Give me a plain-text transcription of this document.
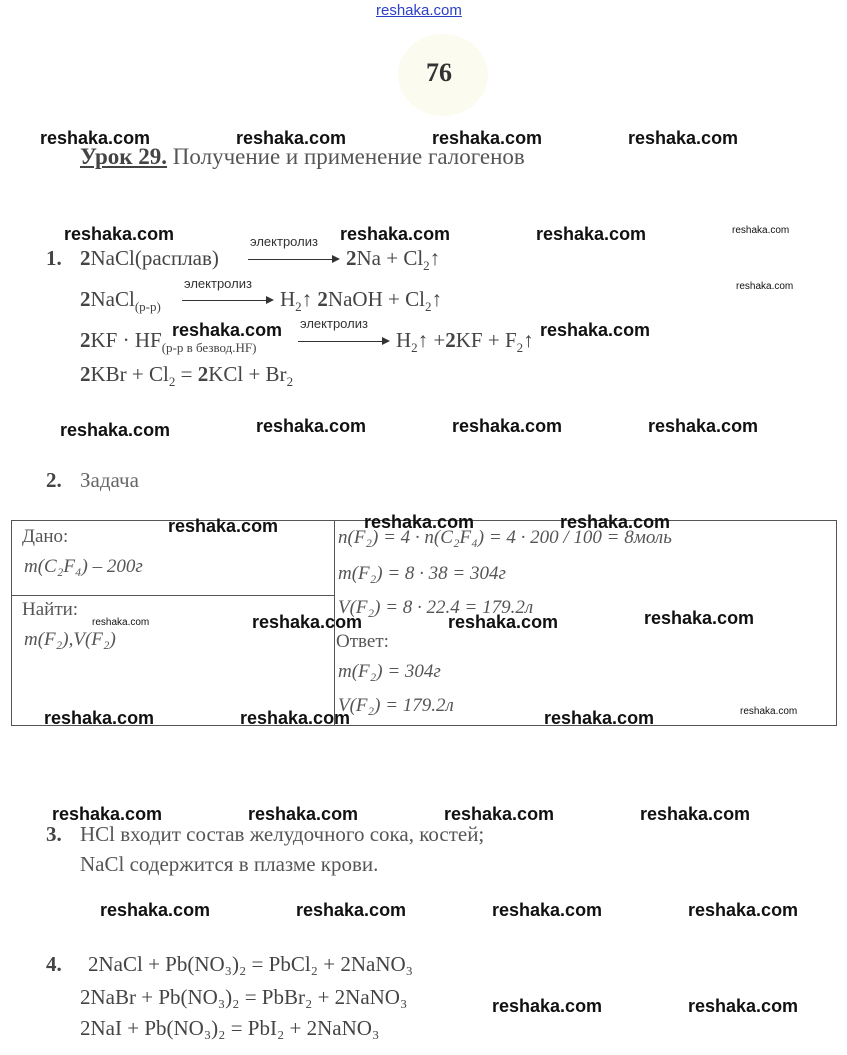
reshaka.com
76
Урок 29. Получение и применение галогенов
1. 2NaCl(расплав)
электролиз
$2Na + Cl_2↑$
2NaCl$_{(р-р)}$
электролиз
$H_2↑$ 2NaOH + $Cl_2↑$
$2KF \cdot HF_{(р-р в безвод.HF)}$
электролиз
$H_2↑ +2KF$ + $F_2↑$
$2KBr + Cl_2 = 2KCl + Br_2$
2. Задача
Дано:
m(C₂F₄) – 200г
Найти:
m(F₂),V(F₂)
n(F₂) = 4 · n(C₂F₄) = 4 · 200 / 100 = 8моль
m(F₂) = 8 · 38 = 304г
V(F₂) = 8 · 22.4 = 179.2л
Ответ:
m(F₂) = 304г
V(F₂) = 179.2л
3. HCl входит состав желудочного сока, костей;
NaCl содержится в плазме крови.
4. 2NaCl + Pb(NO₃)₂ = PbCl₂ + 2NaNO₃
2NaBr + Pb(NO₃)₂ = PbBr₂ + 2NaNO₃
2NaI + Pb(NO₃)₂ = PbI₂ + 2NaNO₃
reshaka.com	reshaka.com	reshaka.com	reshaka.com
reshaka.com	reshaka.com	reshaka.com	reshaka.com
reshaka.com
reshaka.com	reshaka.com
reshaka.com	reshaka.com	reshaka.com	reshaka.com
reshaka.com	reshaka.com	reshaka.com
reshaka.com	reshaka.com	reshaka.com	reshaka.com
reshaka.com	reshaka.com	reshaka.com	reshaka.com
reshaka.com	reshaka.com	reshaka.com	reshaka.com
reshaka.com	reshaka.com	reshaka.com	reshaka.com
reshaka.com	reshaka.com
